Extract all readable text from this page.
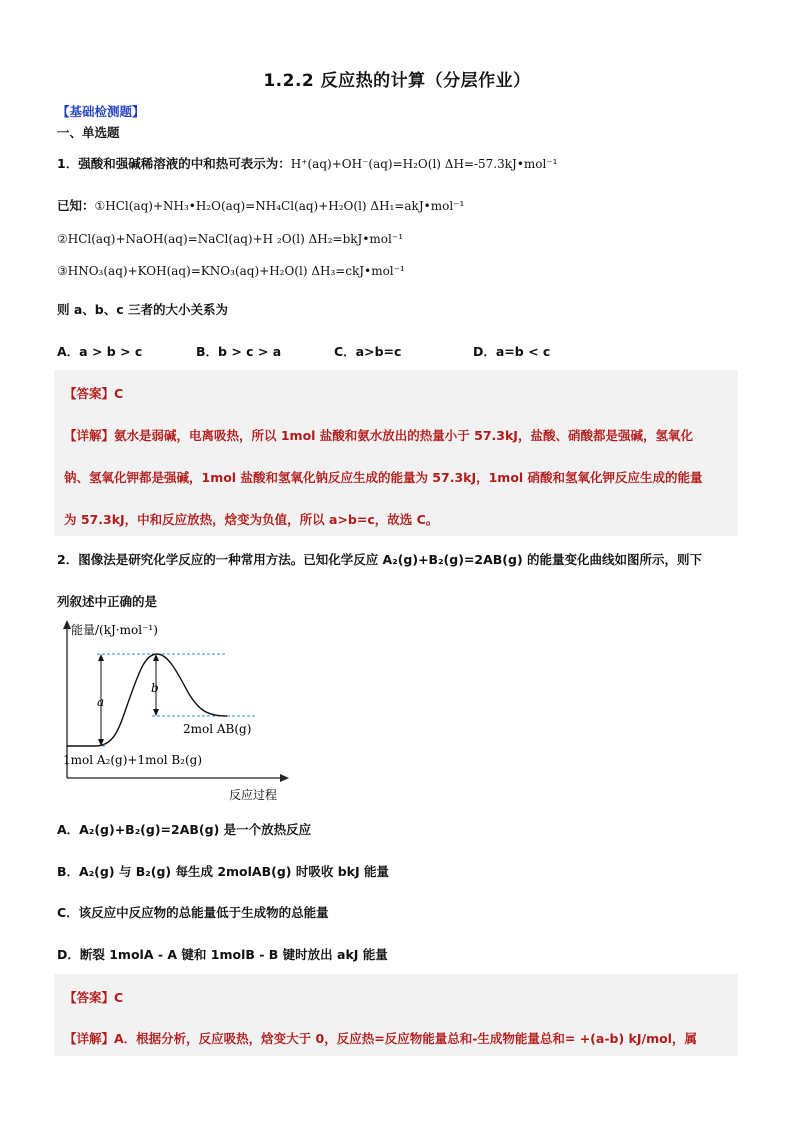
1.2.2 反应热的计算（分层作业）
【基础检测题】
一、单选题
1．强酸和强碱稀溶液的中和热可表示为：H⁺(aq)+OH⁻(aq)=H₂O(l) ΔH=-57.3kJ•mol⁻¹
已知：①HCl(aq)+NH₃•H₂O(aq)=NH₄Cl(aq)+H₂O(l) ΔH₁=akJ•mol⁻¹
②HCl(aq)+NaOH(aq)=NaCl(aq)+H ₂O(l) ΔH₂=bkJ•mol⁻¹
③HNO₃(aq)+KOH(aq)=KNO₃(aq)+H₂O(l) ΔH₃=ckJ•mol⁻¹
则 a、b、c 三者的大小关系为
A．a > b > c	B．b > c > a	C．a>b=c	D．a=b < c
【答案】C
【详解】氨水是弱碱，电离吸热，所以 1mol 盐酸和氨水放出的热量小于 57.3kJ，盐酸、硝酸都是强碱，氢氧化
钠、氢氧化钾都是强碱，1mol 盐酸和氢氧化钠反应生成的能量为 57.3kJ，1mol 硝酸和氢氧化钾反应生成的能量
为 57.3kJ，中和反应放热，焓变为负值，所以 a>b=c，故选 C。
2．图像法是研究化学反应的一种常用方法。已知化学反应 A₂(g)+B₂(g)=2AB(g) 的能量变化曲线如图所示，则下
列叙述中正确的是
能量/(kJ·mol⁻¹)
a
b
2mol AB(g)
1mol A₂(g)+1mol B₂(g)
反应过程
A．A₂(g)+B₂(g)=2AB(g) 是一个放热反应
B．A₂(g) 与 B₂(g) 每生成 2molAB(g) 时吸收 bkJ 能量
C．该反应中反应物的总能量低于生成物的总能量
D．断裂 1molA - A 键和 1molB - B 键时放出 akJ 能量
【答案】C
【详解】A．根据分析，反应吸热，焓变大于 0，反应热=反应物能量总和-生成物能量总和= +(a-b) kJ/mol，属
